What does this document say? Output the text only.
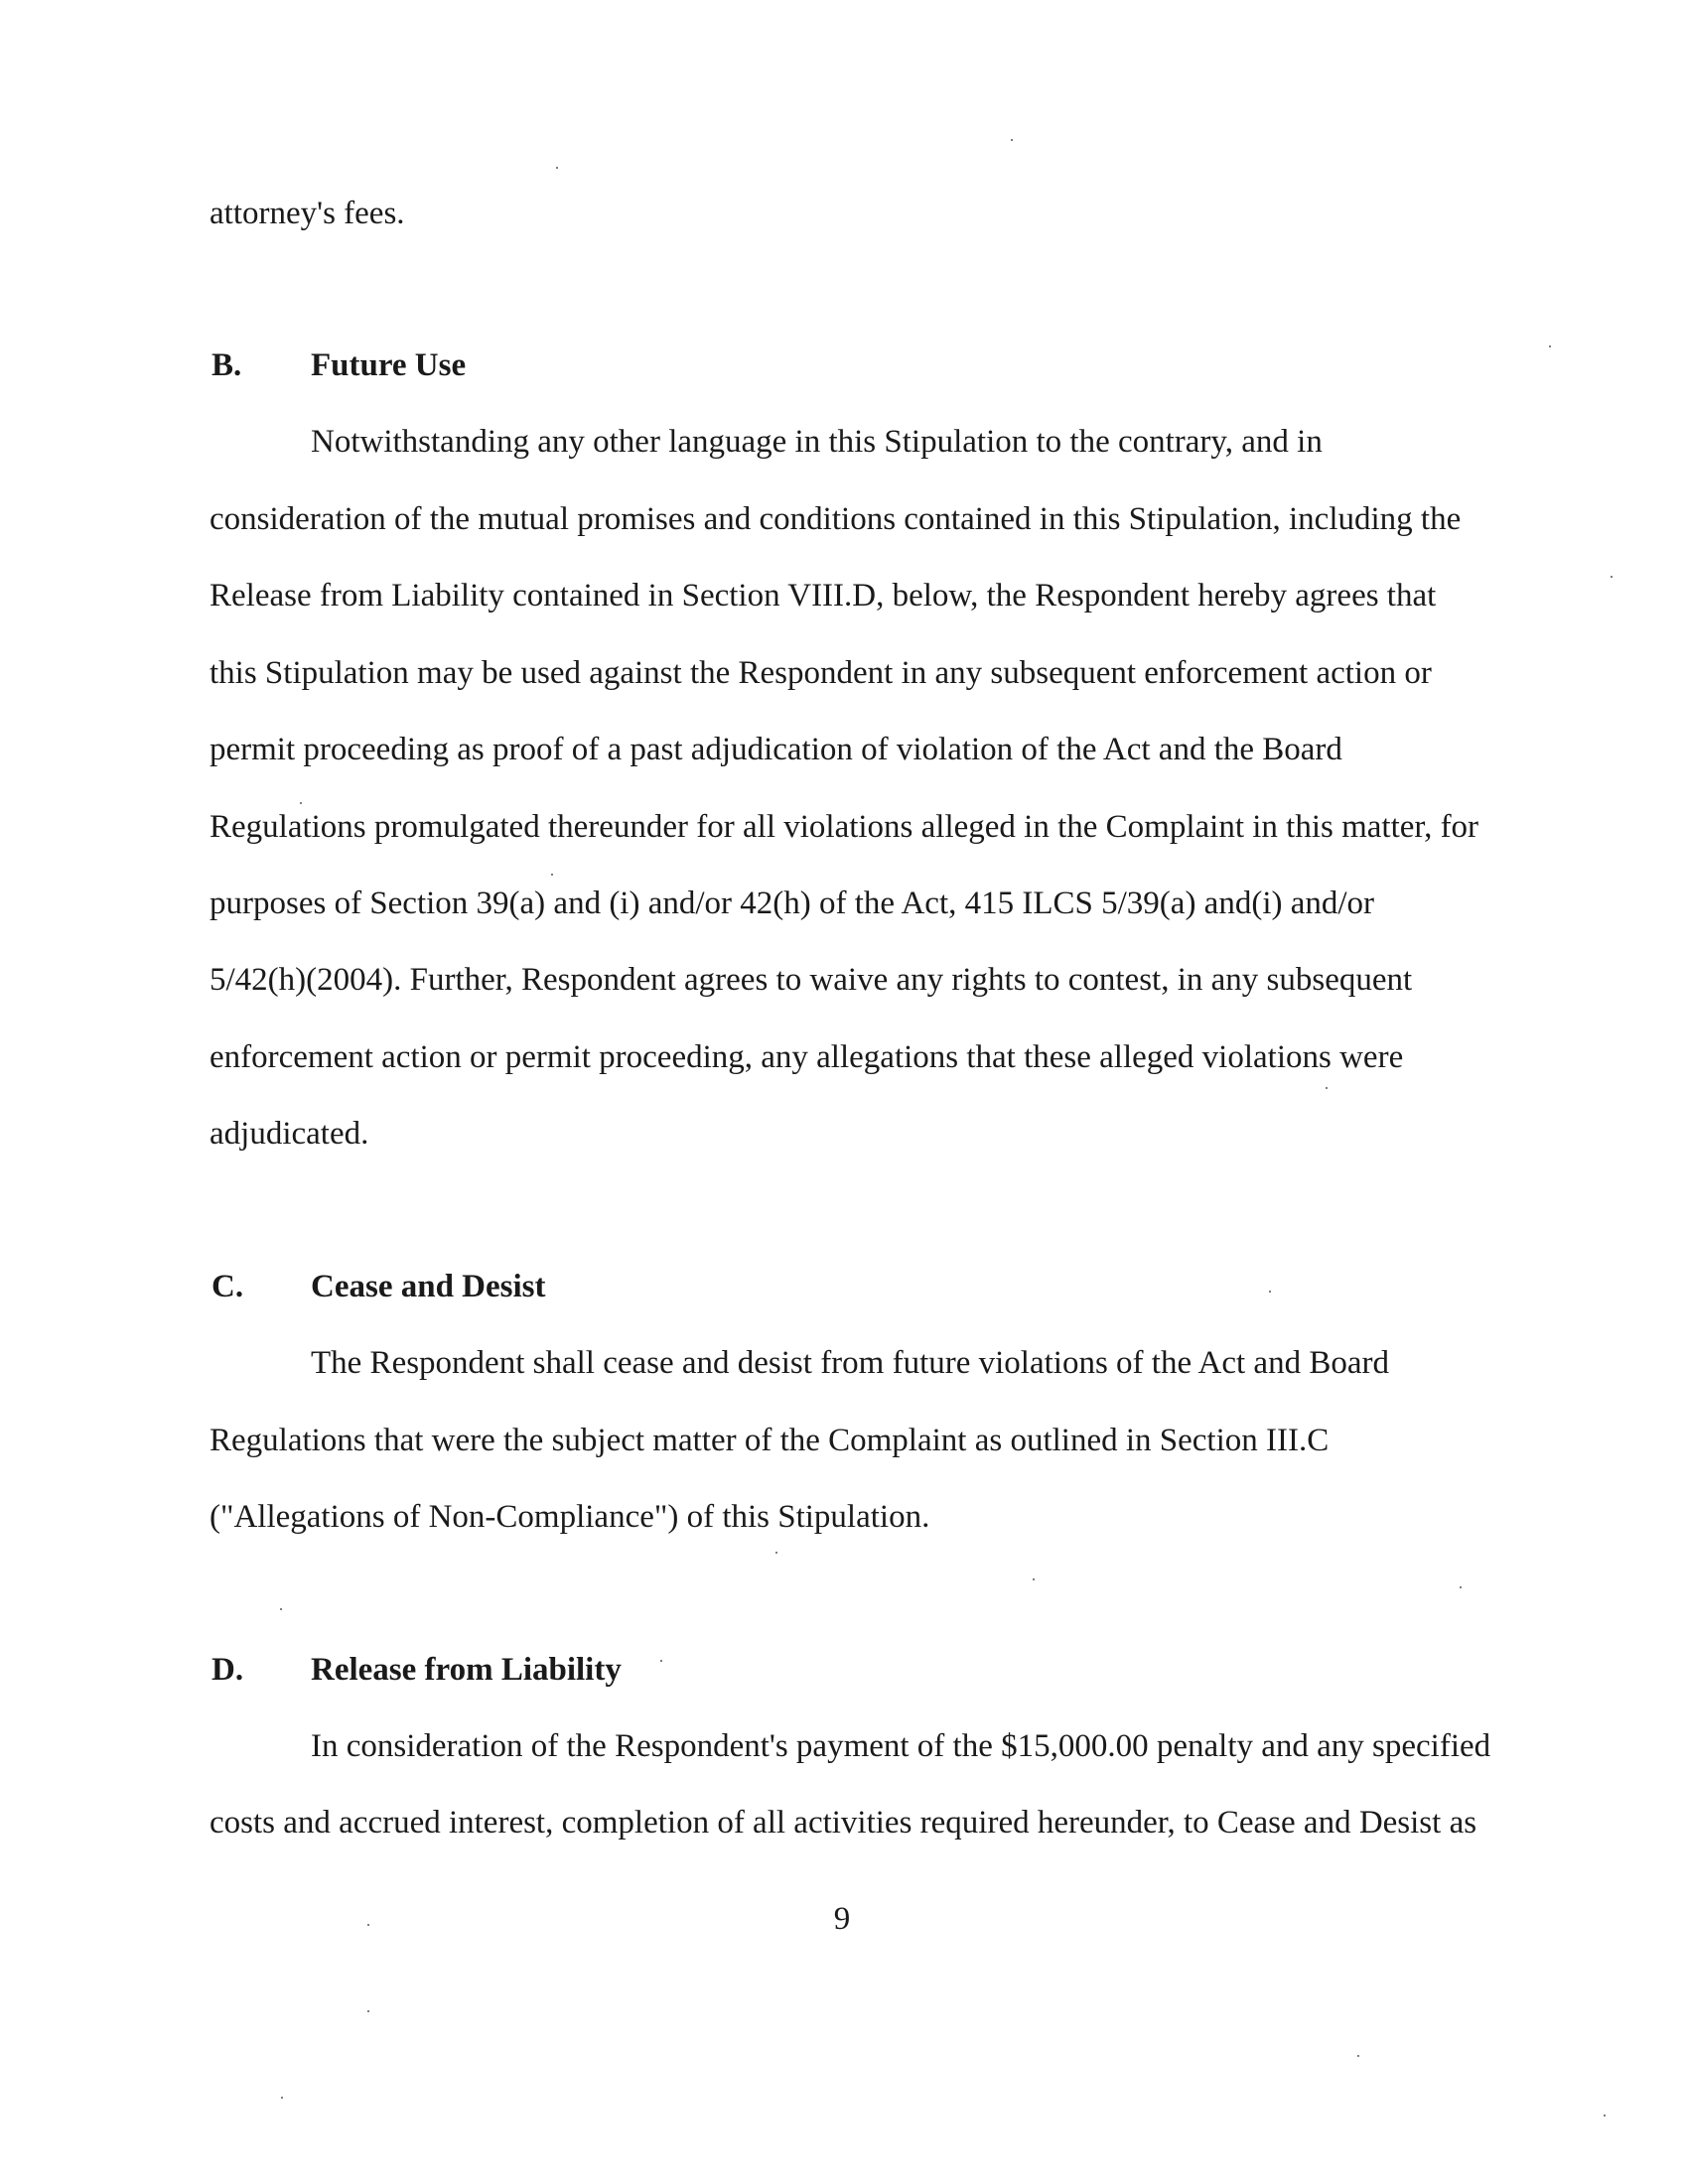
attorney's fees.

B. Future Use

Notwithstanding any other language in this Stipulation to the contrary, and in

consideration of the mutual promises and conditions contained in this Stipulation, including the

Release from Liability contained in Section VIII.D, below, the Respondent hereby agrees that

this Stipulation may be used against the Respondent in any subsequent enforcement action or

permit proceeding as proof of a past adjudication of violation of the Act and the Board

Regulations promulgated thereunder for all violations alleged in the Complaint in this matter, for

purposes of Section 39(a) and (i) and/or 42(h) of the Act, 415 ILCS 5/39(a) and(i) and/or

5/42(h)(2004). Further, Respondent agrees to waive any rights to contest, in any subsequent

enforcement action or permit proceeding, any allegations that these alleged violations were

adjudicated.

C. Cease and Desist

The Respondent shall cease and desist from future violations of the Act and Board

Regulations that were the subject matter of the Complaint as outlined in Section III.C

("Allegations of Non-Compliance") of this Stipulation.

D. Release from Liability

In consideration of the Respondent's payment of the $15,000.00 penalty and any specified

costs and accrued interest, completion of all activities required hereunder, to Cease and Desist as

9
